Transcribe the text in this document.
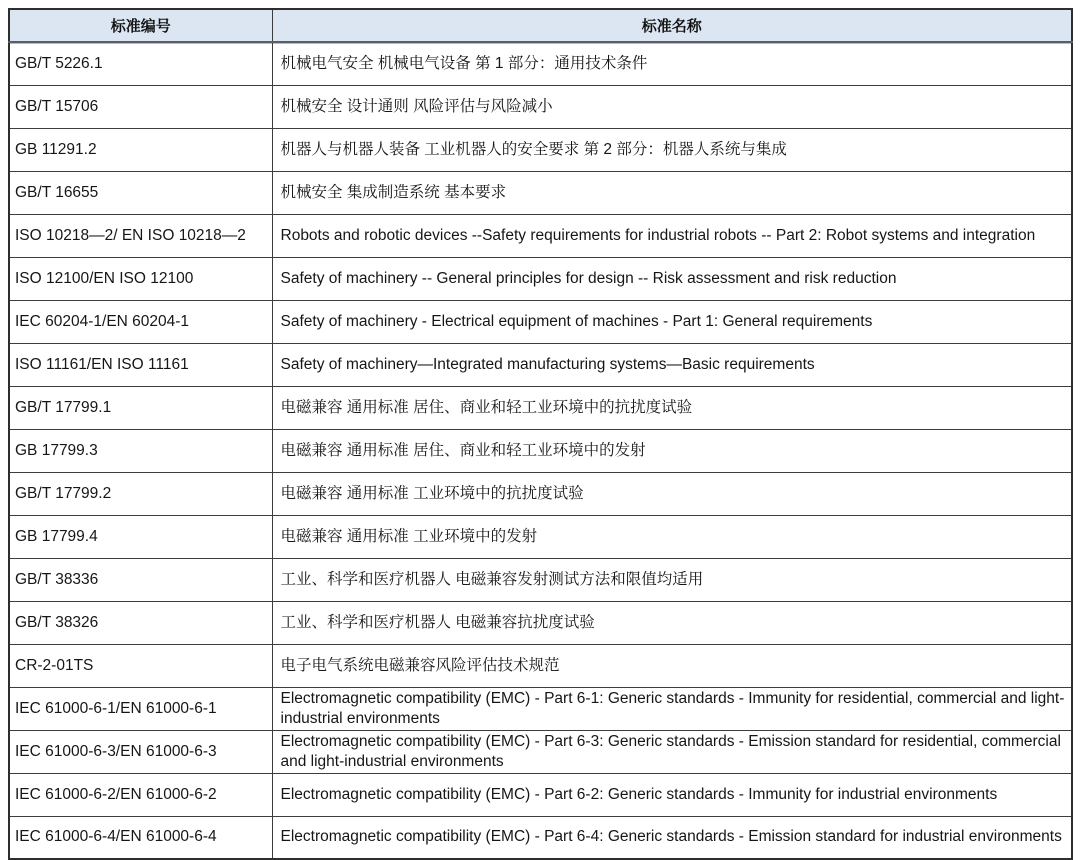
标准编号	标准名称
GB/T 5226.1	机械电气安全 机械电气设备 第 1 部分：通用技术条件
GB/T 15706	机械安全 设计通则 风险评估与风险减小
GB 11291.2	机器人与机器人装备 工业机器人的安全要求 第 2 部分：机器人系统与集成
GB/T 16655	机械安全 集成制造系统 基本要求
ISO 10218—2/ EN ISO 10218—2	Robots and robotic devices --Safety requirements for industrial robots -- Part 2: Robot systems and integration
ISO 12100/EN ISO 12100	Safety of machinery -- General principles for design -- Risk assessment and risk reduction
IEC 60204-1/EN 60204-1	Safety of machinery - Electrical equipment of machines - Part 1: General requirements
ISO 11161/EN ISO 11161	Safety of machinery—Integrated manufacturing systems—Basic requirements
GB/T 17799.1	电磁兼容 通用标准 居住、商业和轻工业环境中的抗扰度试验
GB 17799.3	电磁兼容 通用标准 居住、商业和轻工业环境中的发射
GB/T 17799.2	电磁兼容 通用标准 工业环境中的抗扰度试验
GB 17799.4	电磁兼容 通用标准 工业环境中的发射
GB/T 38336	工业、科学和医疗机器人 电磁兼容发射测试方法和限值均适用
GB/T 38326	工业、科学和医疗机器人 电磁兼容抗扰度试验
CR-2-01TS	电子电气系统电磁兼容风险评估技术规范
IEC 61000-6-1/EN 61000-6-1	Electromagnetic compatibility (EMC) - Part 6-1: Generic standards - Immunity for residential, commercial and light-industrial environments
IEC 61000-6-3/EN 61000-6-3	Electromagnetic compatibility (EMC) - Part 6-3: Generic standards - Emission standard for residential, commercial and light-industrial environments
IEC 61000-6-2/EN 61000-6-2	Electromagnetic compatibility (EMC) - Part 6-2: Generic standards - Immunity for industrial environments
IEC 61000-6-4/EN 61000-6-4	Electromagnetic compatibility (EMC) - Part 6-4: Generic standards - Emission standard for industrial environments
